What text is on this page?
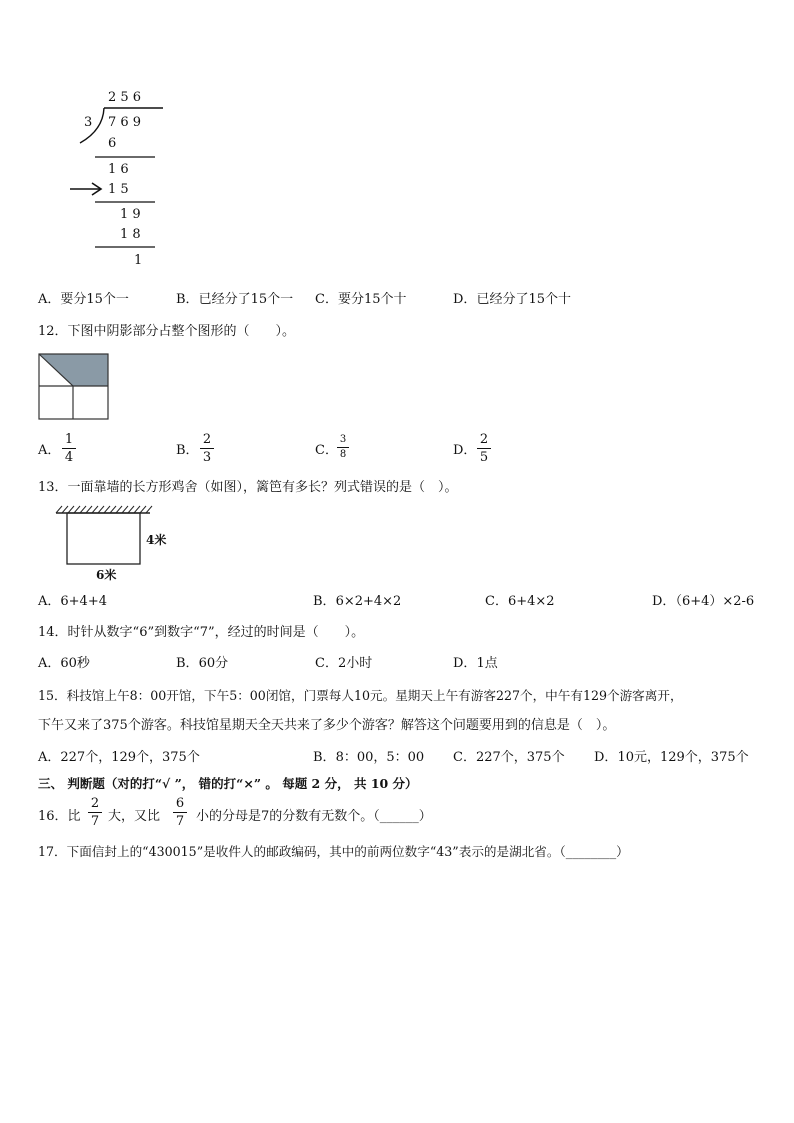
2 5 6
3 7 6 9
6
1 6
1 5
1 9
1 8
1
A．要分15个一	B．已经分了15个一 C．要分15个十	D．已经分了15个十
12．下图中阴影部分占整个图形的（　　）。
A．
1
4	B．
2
3	C．
3
8	D．
2
5
13．一面靠墙的长方形鸡舍（如图），篱笆有多长？列式错误的是（　）。
4米
6米
A．6+4+4	B．6×2+4×2	C．6+4×2	D．（6+4）×2-6
14．时针从数字“6”到数字“7”，经过的时间是（　　）。
A．60秒	B．60分	C．2小时	D．1点
15．科技馆上午8：00开馆，下午5：00闭馆，门票每人10元。星期天上午有游客227个，中午有129个游客离开，
下午又来了375个游客。科技馆星期天全天共来了多少个游客？解答这个问题要用到的信息是（　）。
A．227个，129个，375个	B．8：00，5：00 C．227个，375个 D．10元，129个，375个
三、 判断题（对的打“√ ”， 错的打“×” 。 每题 2 分， 共 10 分）
16．比
2
7 大，又比
6
7 小的分母是7的分数有无数个。（______）
17．下面信封上的“430015”是收件人的邮政编码，其中的前两位数字“43”表示的是湖北省。（________）
